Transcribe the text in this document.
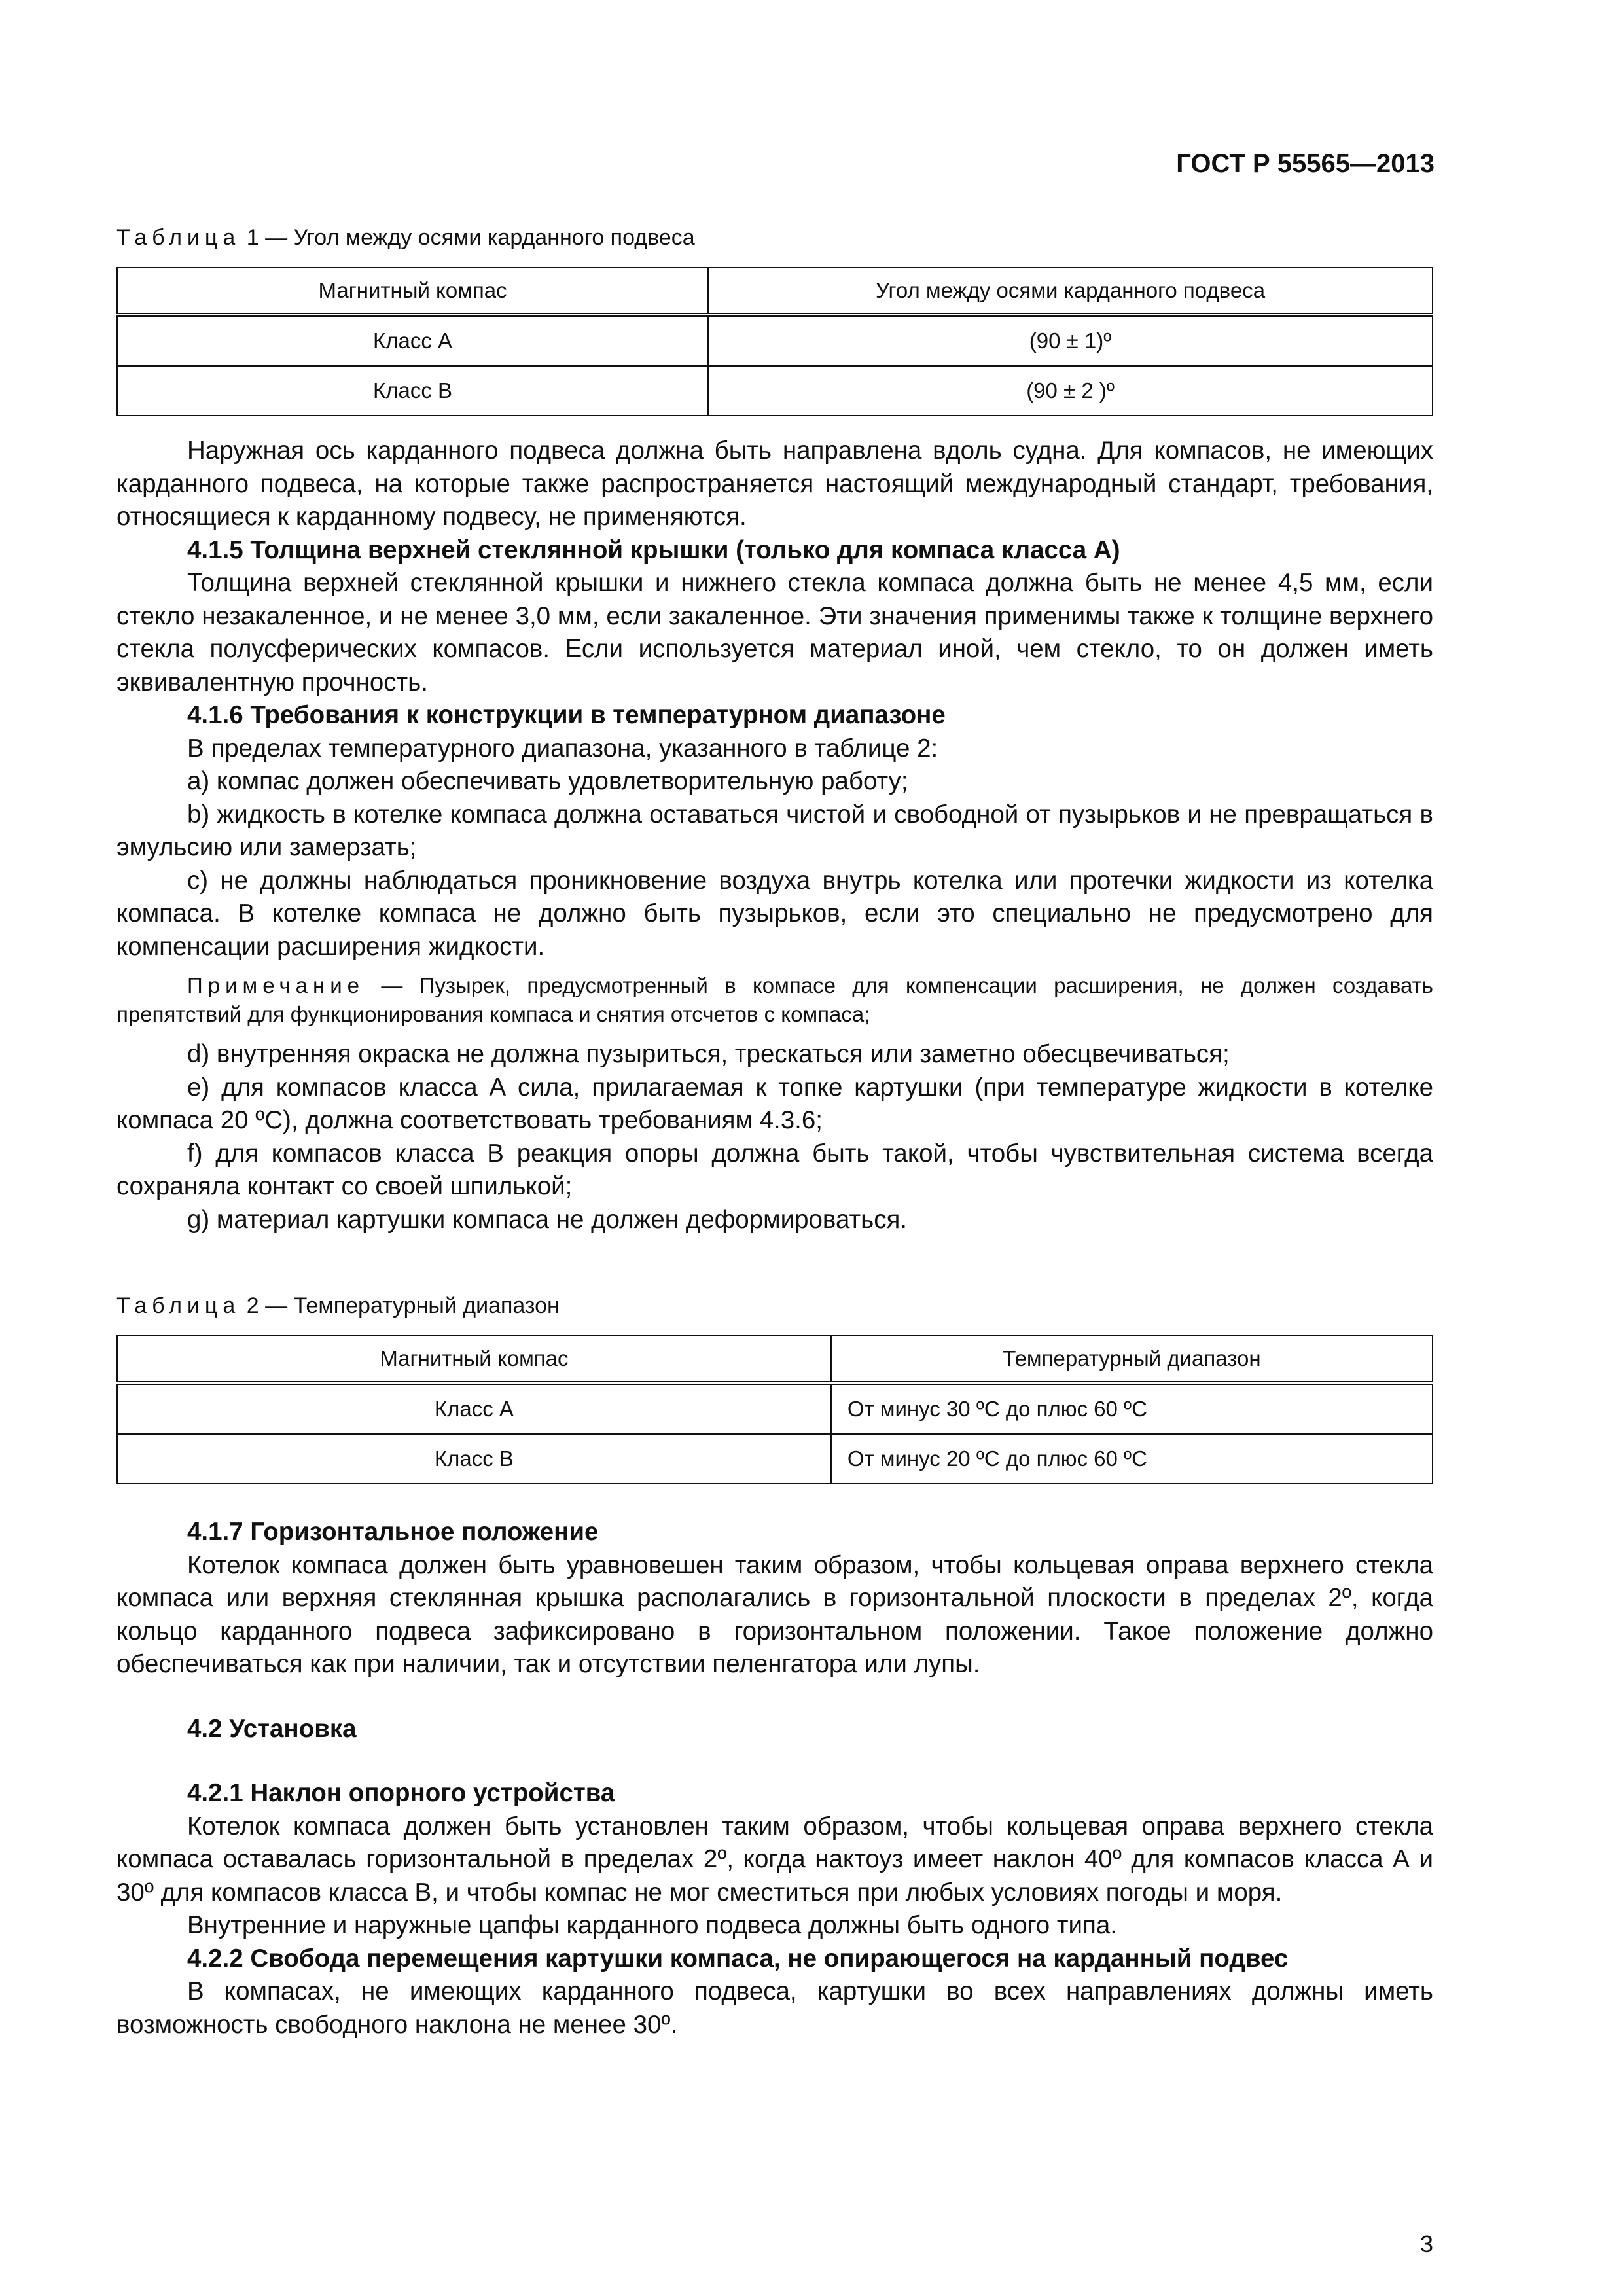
ГОСТ Р 55565—2013
Таблица 1 — Угол между осями карданного подвеса
Магнитный компас	Угол между осями карданного подвеса
Класс А	(90 ± 1)º
Класс В	(90 ± 2 )º

Наружная ось карданного подвеса должна быть направлена вдоль судна. Для компасов, не имеющих карданного подвеса, на которые также распространяется настоящий международный стандарт, требования, относящиеся к карданному подвесу, не применяются.

4.1.5 Толщина верхней стеклянной крышки (только для компаса класса А)

Толщина верхней стеклянной крышки и нижнего стекла компаса должна быть не менее 4,5 мм, если стекло незакаленное, и не менее 3,0 мм, если закаленное. Эти значения применимы также к толщине верхнего стекла полусферических компасов. Если используется материал иной, чем стекло, то он должен иметь эквивалентную прочность.

4.1.6 Требования к конструкции в температурном диапазоне

В пределах температурного диапазона, указанного в таблице 2:

а) компас должен обеспечивать удовлетворительную работу;

b) жидкость в котелке компаса должна оставаться чистой и свободной от пузырьков и не превращаться в эмульсию или замерзать;

с) не должны наблюдаться проникновение воздуха внутрь котелка или протечки жидкости из котелка компаса. В котелке компаса не должно быть пузырьков, если это специально не предусмотрено для компенсации расширения жидкости.

Примечание — Пузырек, предусмотренный в компасе для компенсации расширения, не должен создавать препятствий для функционирования компаса и снятия отсчетов с компаса;

d) внутренняя окраска не должна пузыриться, трескаться или заметно обесцвечиваться;

е) для компасов класса А сила, прилагаемая к топке картушки (при температуре жидкости в котелке компаса 20 ºС), должна соответствовать требованиям 4.3.6;

f) для компасов класса В реакция опоры должна быть такой, чтобы чувствительная система всегда сохраняла контакт со своей шпилькой;

g) материал картушки компаса не должен деформироваться.

Таблица 2 — Температурный диапазон
Магнитный компас	Температурный диапазон
Класс А	От минус 30 ºС до плюс 60 ºС
Класс В	От минус 20 ºС до плюс 60 ºС

4.1.7 Горизонтальное положение

Котелок компаса должен быть уравновешен таким образом, чтобы кольцевая оправа верхнего стекла компаса или верхняя стеклянная крышка располагались в горизонтальной плоскости в пределах 2º, когда кольцо карданного подвеса зафиксировано в горизонтальном положении. Такое положение должно обеспечиваться как при наличии, так и отсутствии пеленгатора или лупы.

4.2 Установка

4.2.1 Наклон опорного устройства

Котелок компаса должен быть установлен таким образом, чтобы кольцевая оправа верхнего стекла компаса оставалась горизонтальной в пределах 2º, когда нактоуз имеет наклон 40º для компасов класса А и 30º для компасов класса В, и чтобы компас не мог сместиться при любых условиях погоды и моря.

Внутренние и наружные цапфы карданного подвеса должны быть одного типа.

4.2.2 Свобода перемещения картушки компаса, не опирающегося на карданный подвес

В компасах, не имеющих карданного подвеса, картушки во всех направлениях должны иметь возможность свободного наклона не менее 30º.

3
